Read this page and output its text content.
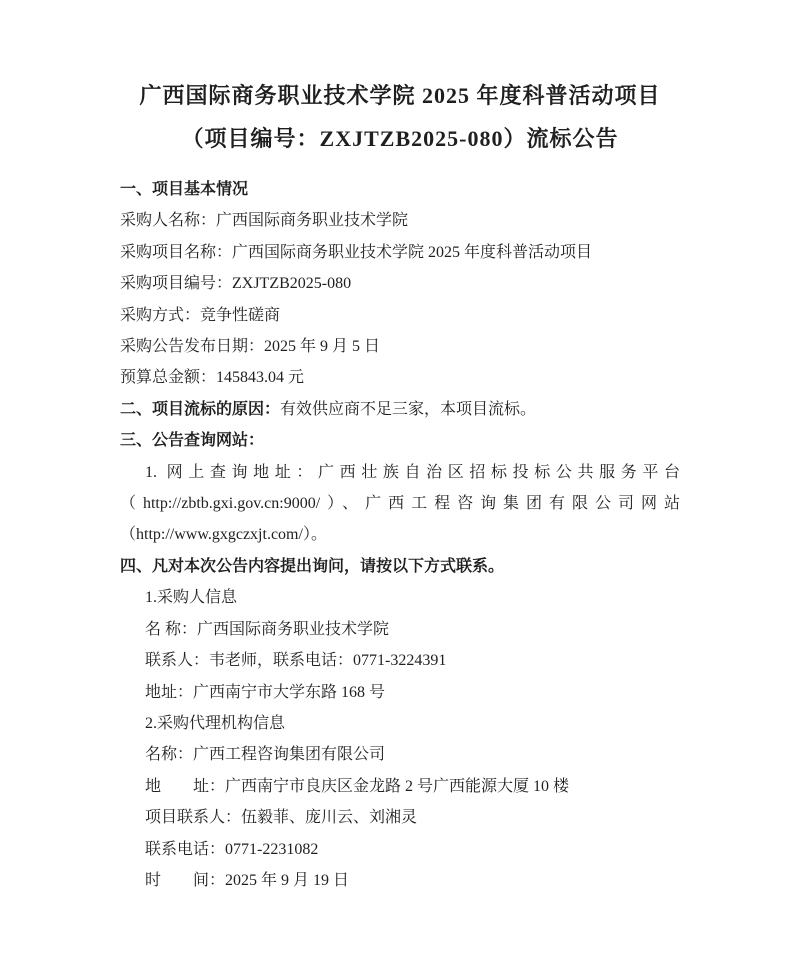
广西国际商务职业技术学院 2025 年度科普活动项目
（项目编号：ZXJTZB2025-080）流标公告
一、项目基本情况
采购人名称：广西国际商务职业技术学院
采购项目名称：广西国际商务职业技术学院 2025 年度科普活动项目
采购项目编号：ZXJTZB2025-080
采购方式：竞争性磋商
采购公告发布日期：2025 年 9 月 5 日
预算总金额：145843.04 元
二、项目流标的原因：有效供应商不足三家，本项目流标。
三、公告查询网站：
1. 网上查询地址：广西壮族自治区招标投标公共服务平台
（http://zbtb.gxi.gov.cn:9000/）、广西工程咨询集团有限公司网站
（http://www.gxgczxjt.com/）。
四、凡对本次公告内容提出询问，请按以下方式联系。
1.采购人信息
名 称：广西国际商务职业技术学院
联系人：韦老师，联系电话：0771-3224391
地址：广西南宁市大学东路 168 号
2.采购代理机构信息
名称：广西工程咨询集团有限公司
地　　址：广西南宁市良庆区金龙路 2 号广西能源大厦 10 楼
项目联系人：伍毅菲、庞川云、刘湘灵
联系电话：0771-2231082
时　　间：2025 年 9 月 19 日
